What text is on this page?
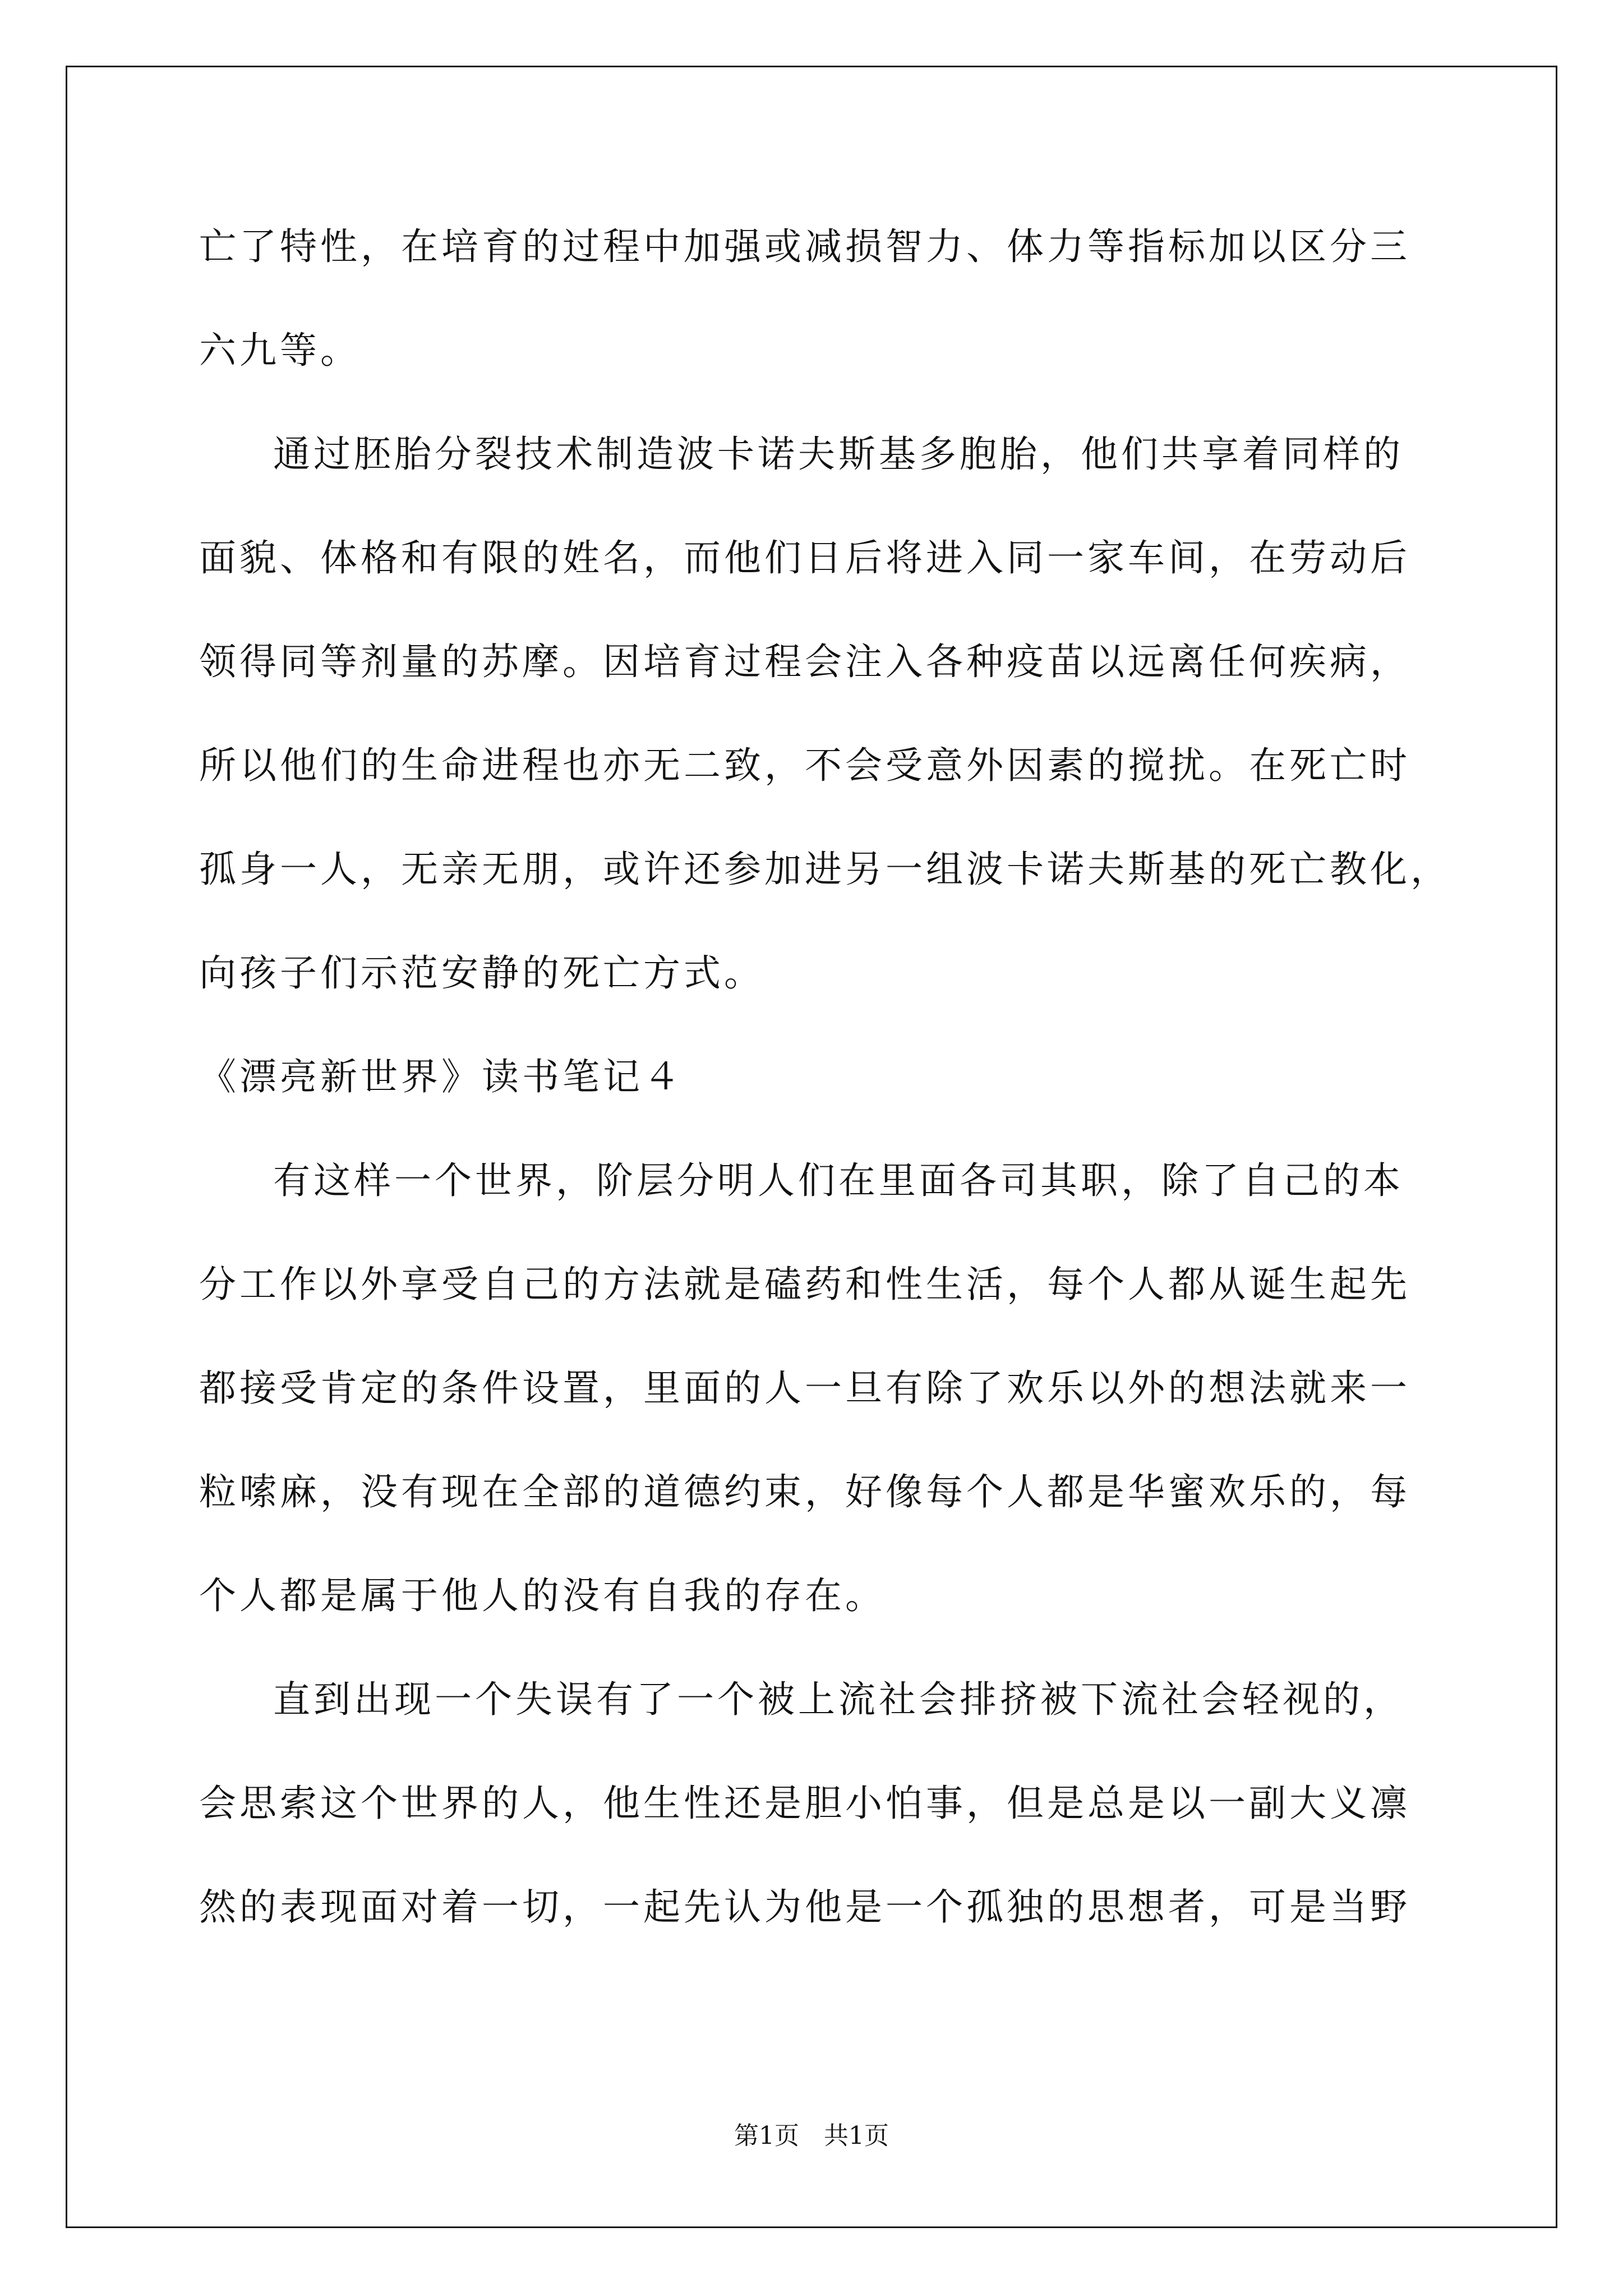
亡了特性，在培育的过程中加强或减损智力、体力等指标加以区分三
六九等。
通过胚胎分裂技术制造波卡诺夫斯基多胞胎，他们共享着同样的
面貌、体格和有限的姓名，而他们日后将进入同一家车间，在劳动后
领得同等剂量的苏摩。因培育过程会注入各种疫苗以远离任何疾病，
所以他们的生命进程也亦无二致，不会受意外因素的搅扰。在死亡时
孤身一人，无亲无朋，或许还参加进另一组波卡诺夫斯基的死亡教化，
向孩子们示范安静的死亡方式。
《漂亮新世界》读书笔记４
有这样一个世界，阶层分明人们在里面各司其职，除了自己的本
分工作以外享受自己的方法就是磕药和性生活，每个人都从诞生起先
都接受肯定的条件设置，里面的人一旦有除了欢乐以外的想法就来一
粒嗦麻，没有现在全部的道德约束，好像每个人都是华蜜欢乐的，每
个人都是属于他人的没有自我的存在。
直到出现一个失误有了一个被上流社会排挤被下流社会轻视的，
会思索这个世界的人，他生性还是胆小怕事，但是总是以一副大义凛
然的表现面对着一切，一起先认为他是一个孤独的思想者，可是当野
第1页 共1页
